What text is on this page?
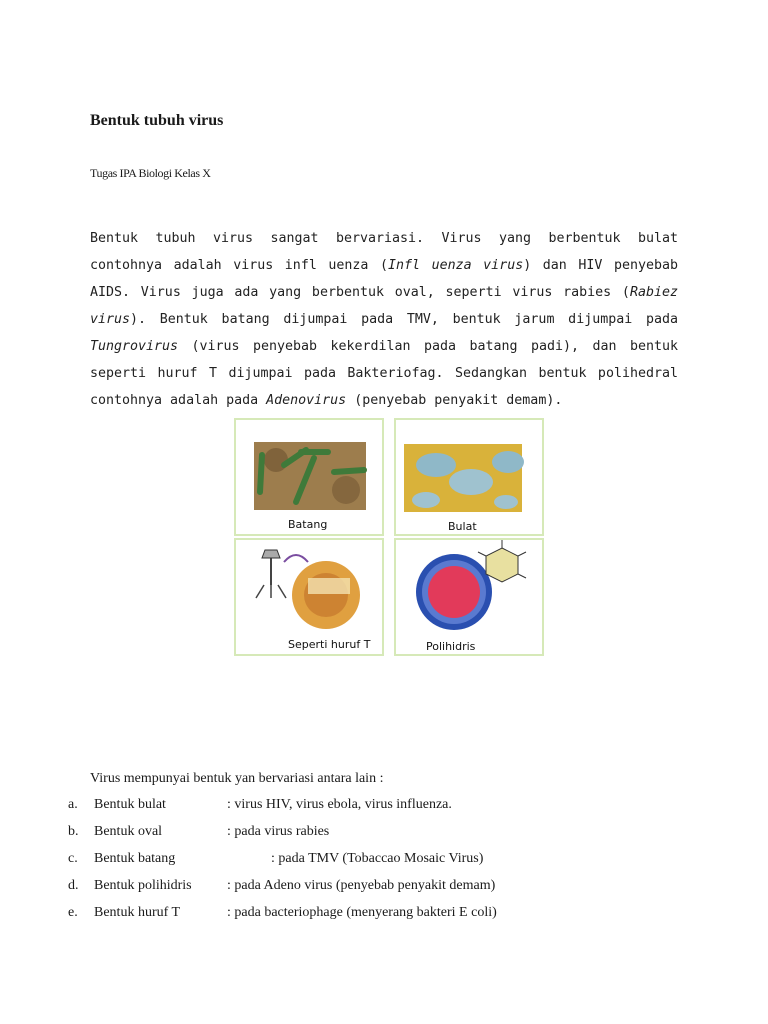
Bentuk tubuh virus
Tugas IPA Biologi Kelas X
Bentuk tubuh virus sangat bervariasi. Virus yang berbentuk bulat contohnya adalah virus infl uenza (Infl uenza virus) dan HIV penyebab AIDS. Virus juga ada yang berbentuk oval, seperti virus rabies (Rabiez virus). Bentuk batang dijumpai pada TMV, bentuk jarum dijumpai pada Tungrovirus (virus penyebab kekerdilan pada batang padi), dan bentuk seperti huruf T dijumpai pada Bakteriofag. Sedangkan bentuk polihedral contohnya adalah pada Adenovirus (penyebab penyakit demam).
Batang	Bulat
Seperti huruf T	Polihidris
Virus mempunyai bentuk yan bervariasi antara lain :
a. Bentuk bulat	: virus HIV, virus ebola, virus influenza.
b. Bentuk oval	: pada virus rabies
c. Bentuk batang	: pada TMV (Tobaccao Mosaic Virus)
d. Bentuk polihidris	: pada Adeno virus (penyebab penyakit demam)
e. Bentuk huruf T	: pada bacteriophage (menyerang bakteri E coli)
